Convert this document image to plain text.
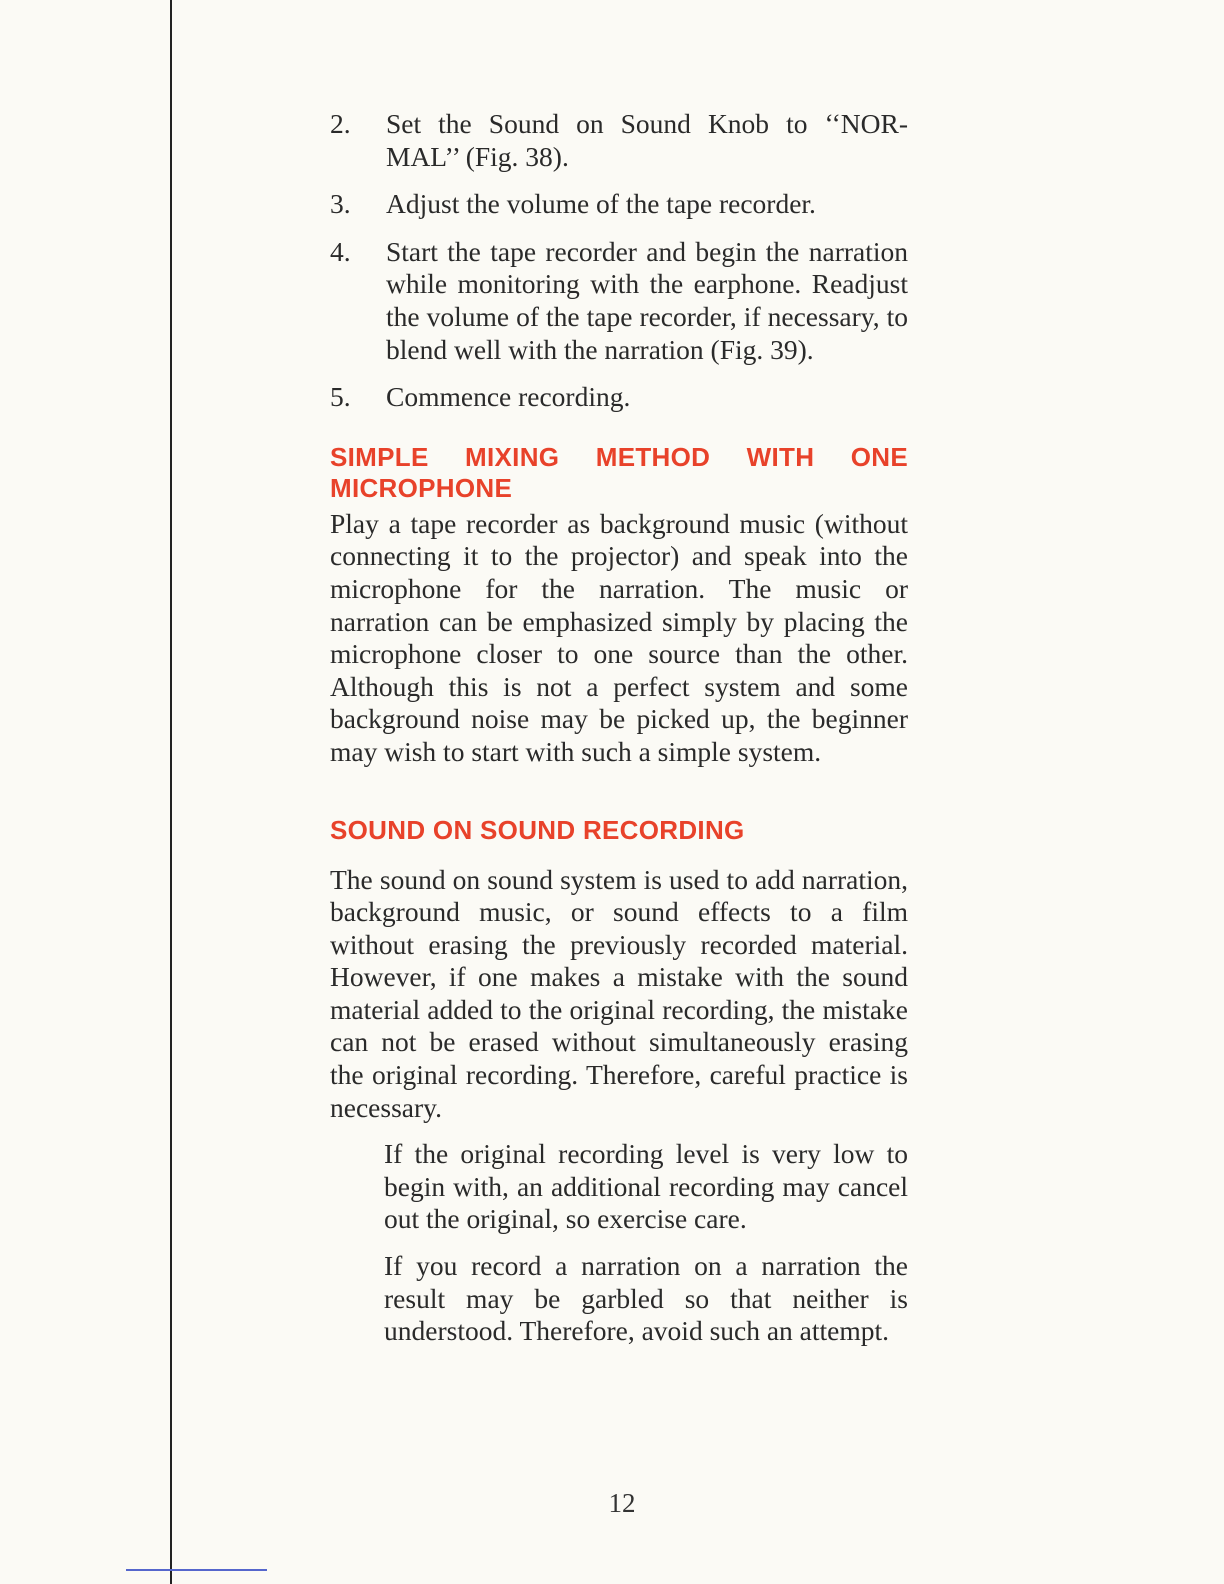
2.	Set the Sound on Sound Knob to ‘‘NOR-MAL’’ (Fig. 38).
3.	Adjust the volume of the tape recorder.
4.	Start the tape recorder and begin the narration while monitoring with the earphone. Readjust the volume of the tape recorder, if necessary, to blend well with the narration (Fig. 39).
5.	Commence recording.
SIMPLE MIXING METHOD WITH ONE MICROPHONE

Play a tape recorder as background music (without connecting it to the projector) and speak into the microphone for the narration. The music or narration can be emphasized simply by placing the microphone closer to one source than the other. Although this is not a perfect system and some background noise may be picked up, the beginner may wish to start with such a simple system.

SOUND ON SOUND RECORDING

The sound on sound system is used to add narration, background music, or sound effects to a film without erasing the previously recorded material. However, if one makes a mistake with the sound material added to the original recording, the mistake can not be erased without simultaneously erasing the original recording. Therefore, careful practice is necessary.

If the original recording level is very low to begin with, an additional recording may cancel out the original, so exercise care.

If you record a narration on a narration the result may be garbled so that neither is understood. Therefore, avoid such an attempt.

12
